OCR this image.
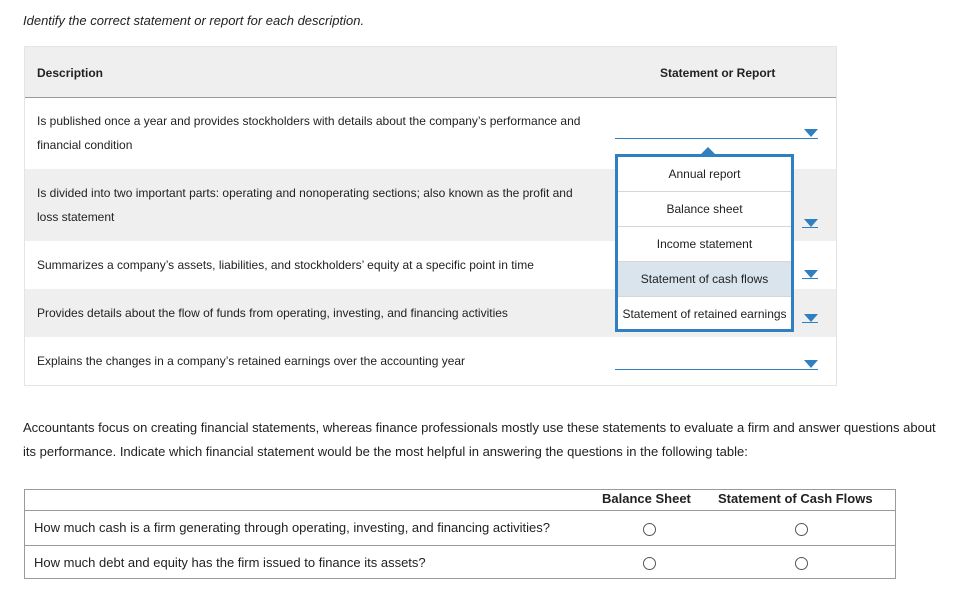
Identify the correct statement or report for each description.
Description	Statement or Report
Is published once a year and provides stockholders with details about the company’s performance and
financial condition
Is divided into two important parts: operating and nonoperating sections; also known as the profit and
loss statement
Summarizes a company’s assets, liabilities, and stockholders’ equity at a specific point in time
Provides details about the flow of funds from operating, investing, and financing activities
Explains the changes in a company’s retained earnings over the accounting year
Annual report
Balance sheet
Income statement
Statement of cash flows
Statement of retained earnings
Accountants focus on creating financial statements, whereas finance professionals mostly use these statements to evaluate a firm and answer questions about its performance. Indicate which financial statement would be the most helpful in answering the questions in the following table:
Balance Sheet Statement of Cash Flows
How much cash is a firm generating through operating, investing, and financing activities?
How much debt and equity has the firm issued to finance its assets?
